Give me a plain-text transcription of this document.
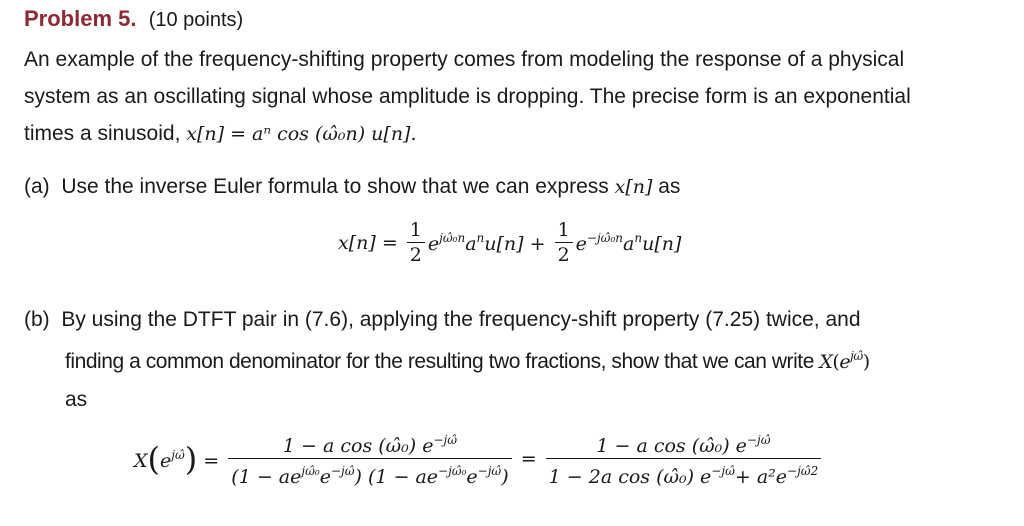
Problem 5. (10 points)
An example of the frequency-shifting property comes from modeling the response of a physical
system as an oscillating signal whose amplitude is dropping. The precise form is an exponential
times a sinusoid, x[n] = aⁿ cos (ω̂₀n) u[n].
(a) Use the inverse Euler formula to show that we can express x[n] as
$x[n] = \frac{1}{2} e^{j\omegâ_0n}a^nu[n] + \frac{1}{2} e^{-j\omegâ_0n}a^nu[n]$
(b) By using the DTFT pair in (7.6), applying the frequency-shift property (7.25) twice, and
finding a common denominator for the resulting two fractions, show that we can write $X(e^{j\omegâ})$
as
$X(e^{j\omegâ}) = \frac{1 - a \cos (\omegâ_0) e^{-j\omegâ}}{(1 - ae^{j\omegâ_0}e^{-j\omegâ}) (1 - ae^{-j\omegâ_0}e^{-j\omegâ})} = \frac{1 - a \cos (\omegâ_0) e^{-j\omegâ}}{1 - 2a \cos (\omegâ_0) e^{-j\omegâ}+ a^2e^{-j\omegâ2}}$
